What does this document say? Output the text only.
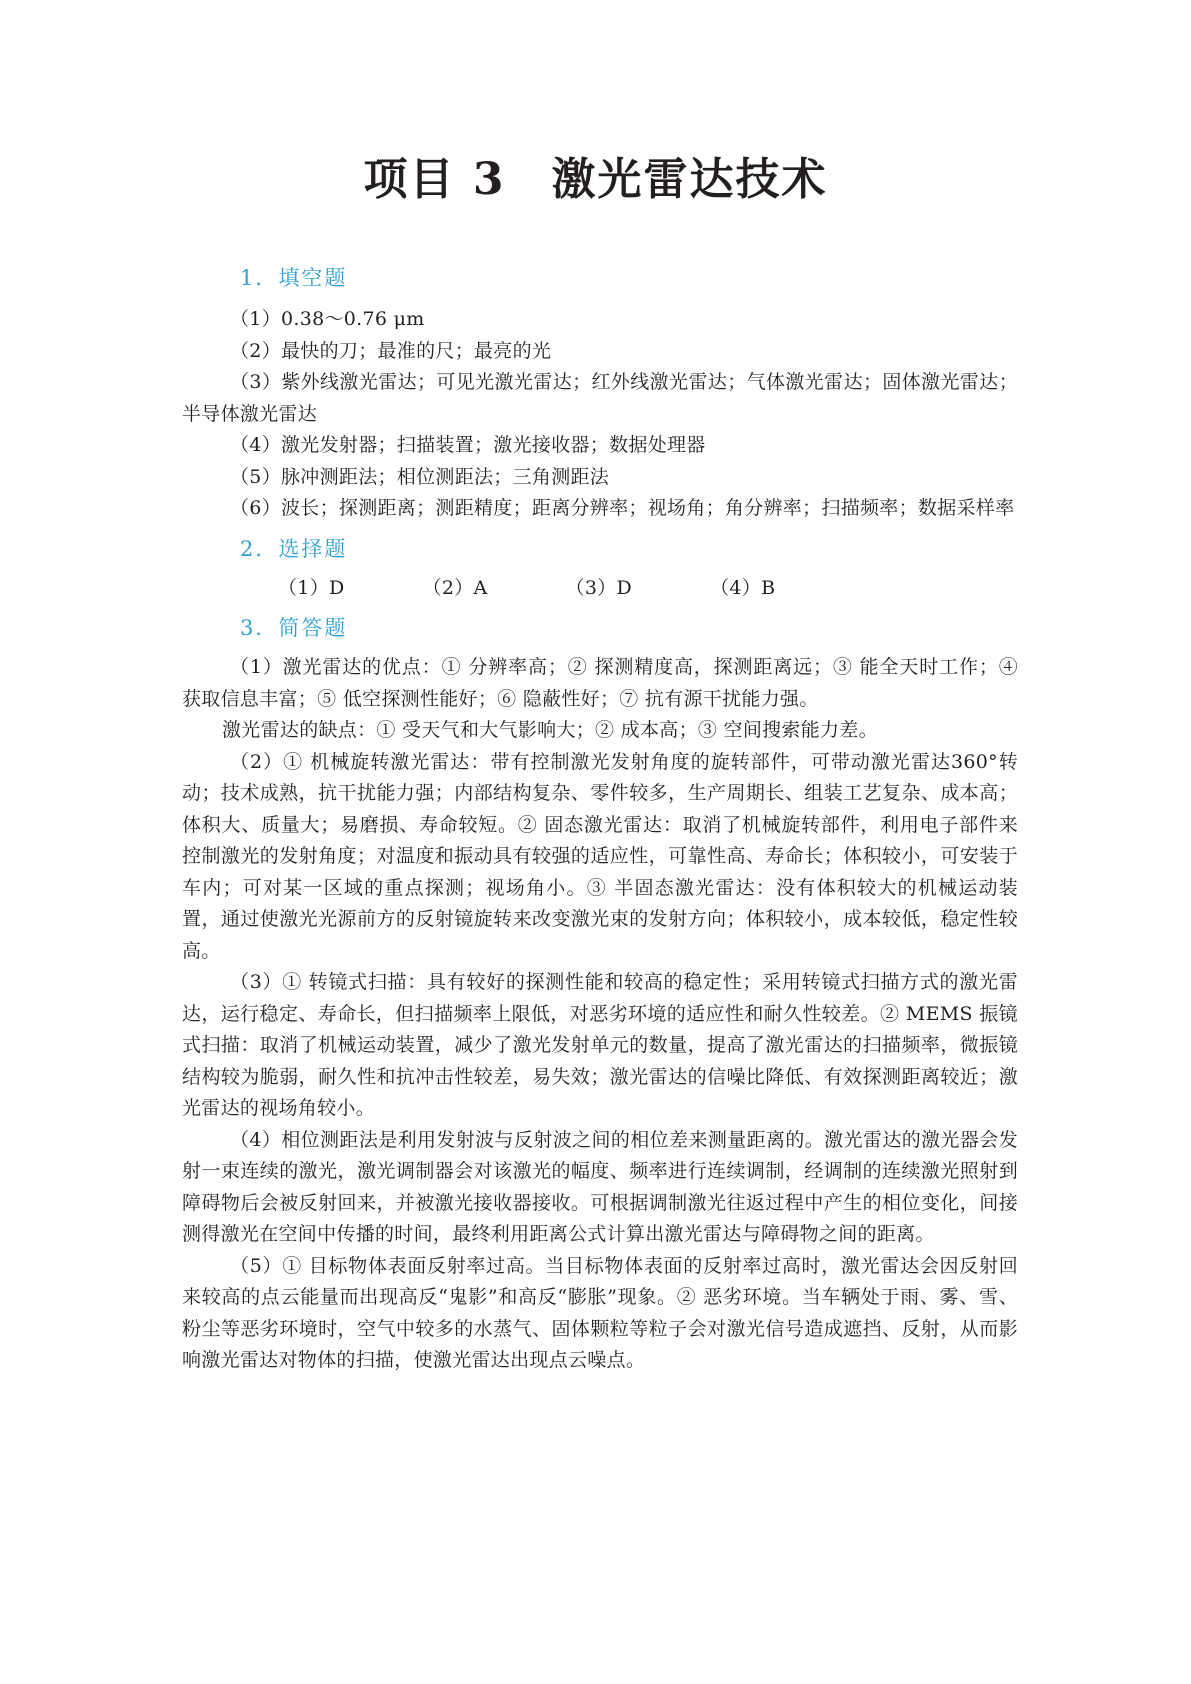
项目 3　激光雷达技术
1．填空题

（1）0.38～0.76 μm

（2）最快的刀；最准的尺；最亮的光

（3）紫外线激光雷达；可见光激光雷达；红外线激光雷达；气体激光雷达；固体激光雷达；半导体激光雷达

（4）激光发射器；扫描装置；激光接收器；数据处理器

（5）脉冲测距法；相位测距法；三角测距法

（6）波长；探测距离；测距精度；距离分辨率；视场角；角分辨率；扫描频率；数据采样率

2．选择题

（1）D	（2）A	（3）D	（4）B

3．简答题

（1）激光雷达的优点：① 分辨率高；② 探测精度高，探测距离远；③ 能全天时工作；④ 获取信息丰富；⑤ 低空探测性能好；⑥ 隐蔽性好；⑦ 抗有源干扰能力强。

激光雷达的缺点：① 受天气和大气影响大；② 成本高；③ 空间搜索能力差。

（2）① 机械旋转激光雷达：带有控制激光发射角度的旋转部件，可带动激光雷达360°转动；技术成熟，抗干扰能力强；内部结构复杂、零件较多，生产周期长、组装工艺复杂、成本高；体积大、质量大；易磨损、寿命较短。② 固态激光雷达：取消了机械旋转部件，利用电子部件来控制激光的发射角度；对温度和振动具有较强的适应性，可靠性高、寿命长；体积较小，可安装于车内；可对某一区域的重点探测；视场角小。③ 半固态激光雷达：没有体积较大的机械运动装置，通过使激光光源前方的反射镜旋转来改变激光束的发射方向；体积较小，成本较低，稳定性较高。

（3）① 转镜式扫描：具有较好的探测性能和较高的稳定性；采用转镜式扫描方式的激光雷达，运行稳定、寿命长，但扫描频率上限低，对恶劣环境的适应性和耐久性较差。② MEMS 振镜式扫描：取消了机械运动装置，减少了激光发射单元的数量，提高了激光雷达的扫描频率，微振镜结构较为脆弱，耐久性和抗冲击性较差，易失效；激光雷达的信噪比降低、有效探测距离较近；激光雷达的视场角较小。

（4）相位测距法是利用发射波与反射波之间的相位差来测量距离的。激光雷达的激光器会发射一束连续的激光，激光调制器会对该激光的幅度、频率进行连续调制，经调制的连续激光照射到障碍物后会被反射回来，并被激光接收器接收。可根据调制激光往返过程中产生的相位变化，间接测得激光在空间中传播的时间，最终利用距离公式计算出激光雷达与障碍物之间的距离。

（5）① 目标物体表面反射率过高。当目标物体表面的反射率过高时，激光雷达会因反射回来较高的点云能量而出现高反“鬼影”和高反“膨胀”现象。② 恶劣环境。当车辆处于雨、雾、雪、粉尘等恶劣环境时，空气中较多的水蒸气、固体颗粒等粒子会对激光信号造成遮挡、反射，从而影响激光雷达对物体的扫描，使激光雷达出现点云噪点。
